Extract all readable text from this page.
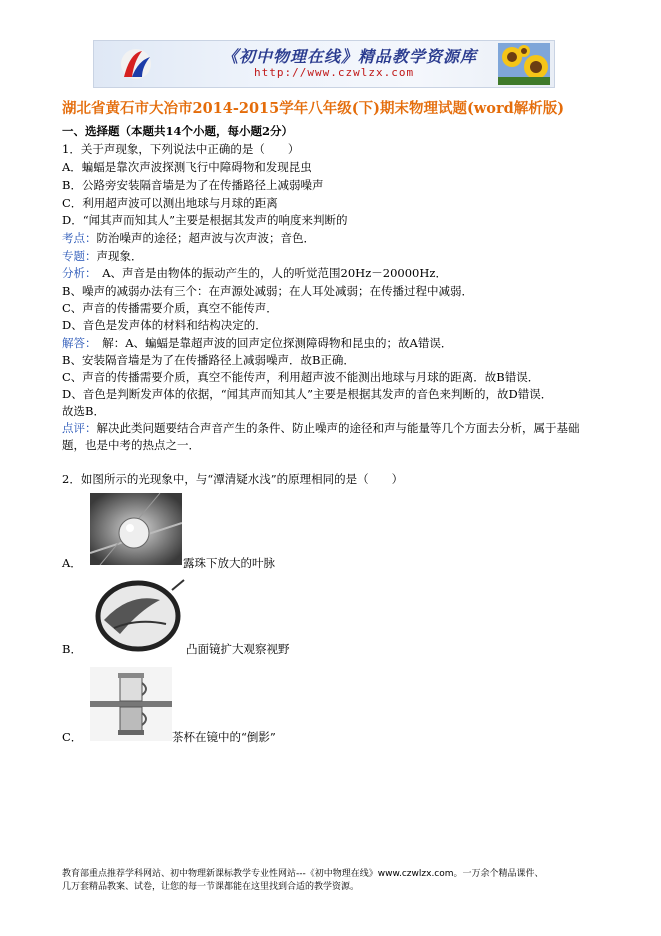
《初中物理在线》精品教学资源库
http://www.czwlzx.com
湖北省黄石市大冶市2014-2015学年八年级(下)期末物理试题(word解析版)
一、选择题（本题共14个小题，每小题2分）
1．关于声现象，下列说法中正确的是（　　）
A．蝙蝠是靠次声波探测飞行中障碍物和发现昆虫
B．公路旁安装隔音墙是为了在传播路径上减弱噪声
C．利用超声波可以测出地球与月球的距离
D．“闻其声而知其人”主要是根据其发声的响度来判断的
考点：防治噪声的途径；超声波与次声波；音色．
专题：声现象．
分析：　A、声音是由物体的振动产生的，人的听觉范围20Hz－20000Hz．
B、噪声的减弱办法有三个：在声源处减弱；在人耳处减弱；在传播过程中减弱．
C、声音的传播需要介质，真空不能传声．
D、音色是发声体的材料和结构决定的．
解答：　解：A、蝙蝠是靠超声波的回声定位探测障碍物和昆虫的；故A错误．
B、安装隔音墙是为了在传播路径上减弱噪声．故B正确．
C、声音的传播需要介质，真空不能传声，利用超声波不能测出地球与月球的距离．故B错误．
D、音色是判断发声体的依据，“闻其声而知其人”主要是根据其发声的音色来判断的，故D错误．
故选B．
点评：解决此类问题要结合声音产生的条件、防止噪声的途径和声与能量等几个方面去分析，属于基础
题，也是中考的热点之一．
2．如图所示的光现象中，与“潭清疑水浅”的原理相同的是（　　）
A．	露珠下放大的叶脉
B．	凸面镜扩大观察视野
C．	茶杯在镜中的“倒影”
教育部重点推荐学科网站、初中物理新课标教学专业性网站---《初中物理在线》www.czwlzx.com。一万余个精品课件、
几万套精品教案、试卷，让您的每一节课都能在这里找到合适的教学资源。
